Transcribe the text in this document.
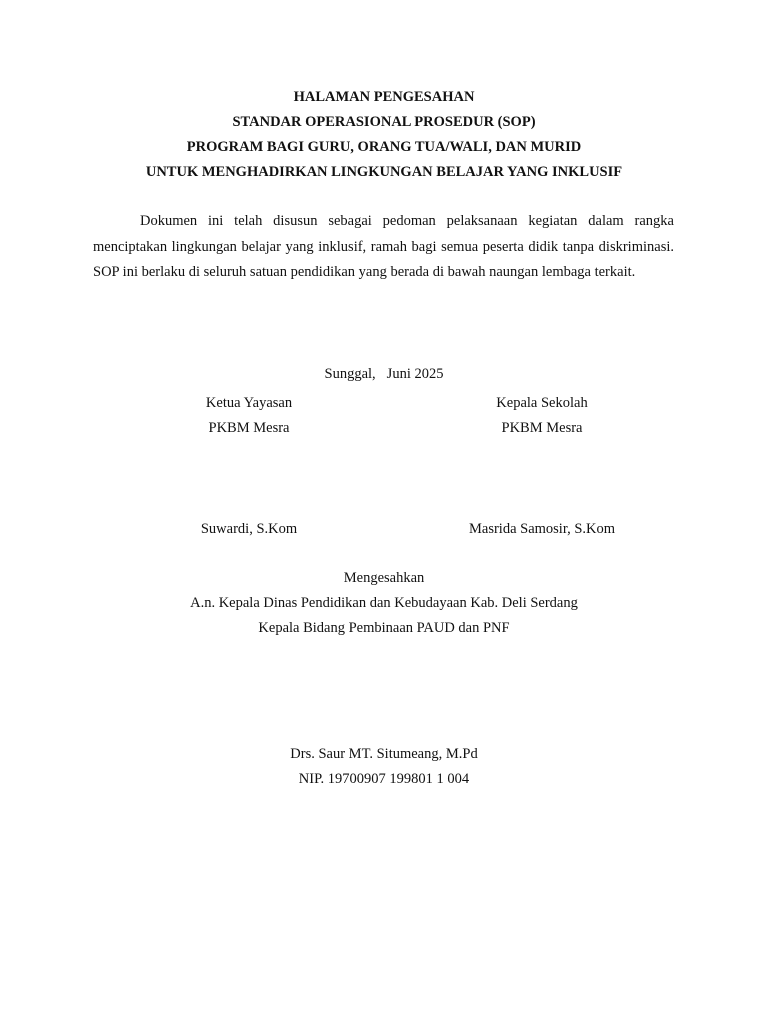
HALAMAN PENGESAHAN
STANDAR OPERASIONAL PROSEDUR (SOP)
PROGRAM BAGI GURU, ORANG TUA/WALI, DAN MURID
UNTUK MENGHADIRKAN LINGKUNGAN BELAJAR YANG INKLUSIF
Dokumen ini telah disusun sebagai pedoman pelaksanaan kegiatan dalam rangka menciptakan lingkungan belajar yang inklusif, ramah bagi semua peserta didik tanpa diskriminasi. SOP ini berlaku di seluruh satuan pendidikan yang berada di bawah naungan lembaga terkait.
Sunggal, Juni 2025
Ketua Yayasan
PKBM Mesra
Suwardi, S.Kom
Kepala Sekolah
PKBM Mesra
Masrida Samosir, S.Kom
Mengesahkan
A.n. Kepala Dinas Pendidikan dan Kebudayaan Kab. Deli Serdang
Kepala Bidang Pembinaan PAUD dan PNF
Drs. Saur MT. Situmeang, M.Pd
NIP. 19700907 199801 1 004
